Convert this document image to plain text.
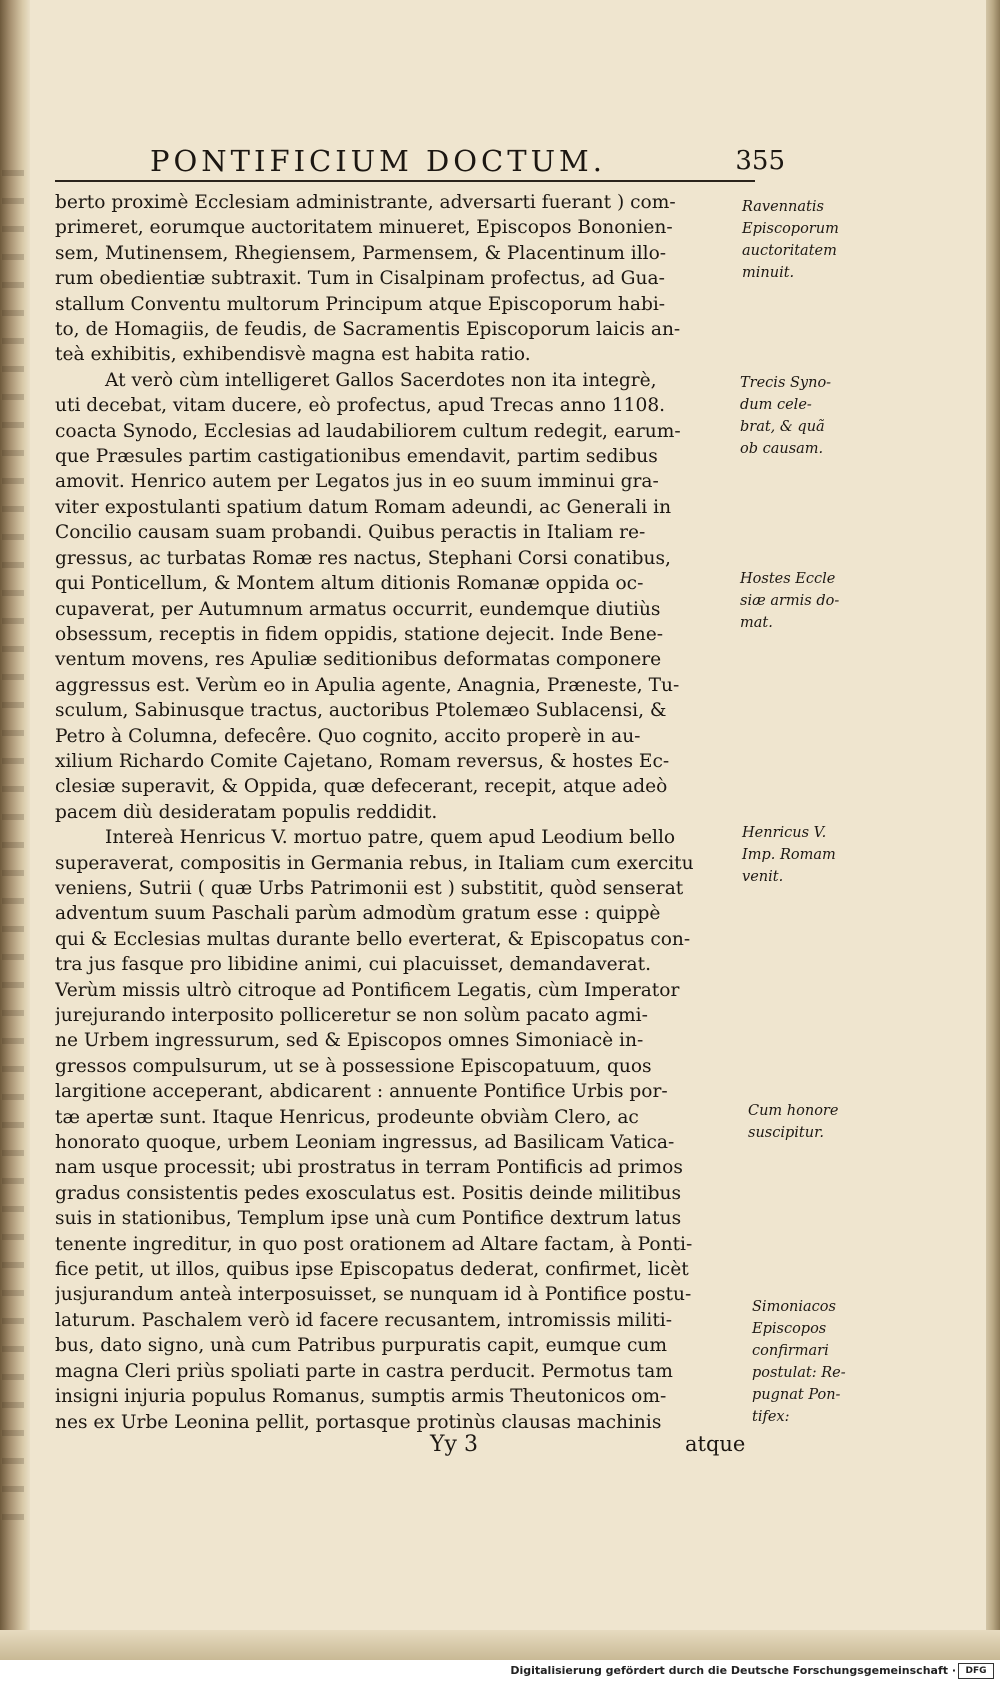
PONTIFICIUM DOCTUM.	355
berto proximè Ecclesiam administrante, adversarti fuerant ) com-
primeret, eorumque auctoritatem minueret, Episcopos Bononien-
sem, Mutinensem, Rhegiensem, Parmensem, & Placentinum illo-
rum obedientiæ subtraxit. Tum in Cisalpinam profectus, ad Gua-
stallum Conventu multorum Principum atque Episcoporum habi-
to, de Homagiis, de feudis, de Sacramentis Episcoporum laicis an-
teà exhibitis, exhibendisvè magna est habita ratio.
At verò cùm intelligeret Gallos Sacerdotes non ita integrè,
uti decebat, vitam ducere, eò profectus, apud Trecas anno 1108.
coacta Synodo, Ecclesias ad laudabiliorem cultum redegit, earum-
que Præsules partim castigationibus emendavit, partim sedibus
amovit. Henrico autem per Legatos jus in eo suum imminui gra-
viter expostulanti spatium datum Romam adeundi, ac Generali in
Concilio causam suam probandi. Quibus peractis in Italiam re-
gressus, ac turbatas Romæ res nactus, Stephani Corsi conatibus,
qui Ponticellum, & Montem altum ditionis Romanæ oppida oc-
cupaverat, per Autumnum armatus occurrit, eundemque diutiùs
obsessum, receptis in fidem oppidis, statione dejecit. Inde Bene-
ventum movens, res Apuliæ seditionibus deformatas componere
aggressus est. Verùm eo in Apulia agente, Anagnia, Præneste, Tu-
sculum, Sabinusque tractus, auctoribus Ptolemæo Sublacensi, &
Petro à Columna, defecêre. Quo cognito, accito properè in au-
xilium Richardo Comite Cajetano, Romam reversus, & hostes Ec-
clesiæ superavit, & Oppida, quæ defecerant, recepit, atque adeò
pacem diù desideratam populis reddidit.
Intereà Henricus V. mortuo patre, quem apud Leodium bello
superaverat, compositis in Germania rebus, in Italiam cum exercitu
veniens, Sutrii ( quæ Urbs Patrimonii est ) substitit, quòd senserat
adventum suum Paschali parùm admodùm gratum esse : quippè
qui & Ecclesias multas durante bello everterat, & Episcopatus con-
tra jus fasque pro libidine animi, cui placuisset, demandaverat.
Verùm missis ultrò citroque ad Pontificem Legatis, cùm Imperator
jurejurando interposito polliceretur se non solùm pacato agmi-
ne Urbem ingressurum, sed & Episcopos omnes Simoniacè in-
gressos compulsurum, ut se à possessione Episcopatuum, quos
largitione acceperant, abdicarent : annuente Pontifice Urbis por-
tæ apertæ sunt. Itaque Henricus, prodeunte obviàm Clero, ac
honorato quoque, urbem Leoniam ingressus, ad Basilicam Vatica-
nam usque processit; ubi prostratus in terram Pontificis ad primos
gradus consistentis pedes exosculatus est. Positis deinde militibus
suis in stationibus, Templum ipse unà cum Pontifice dextrum latus
tenente ingreditur, in quo post orationem ad Altare factam, à Ponti-
fice petit, ut illos, quibus ipse Episcopatus dederat, confirmet, licèt
jusjurandum anteà interposuisset, se nunquam id à Pontifice postu-
laturum. Paschalem verò id facere recusantem, intromissis militi-
bus, dato signo, unà cum Patribus purpuratis capit, eumque cum
magna Cleri priùs spoliati parte in castra perducit. Permotus tam
insigni injuria populus Romanus, sumptis armis Theutonicos om-
nes ex Urbe Leonina pellit, portasque protinùs clausas machinis
Ravennatis
Episcoporum
auctoritatem
minuit.
Trecis Syno-
dum cele-
brat, & quã
ob causam.
Hostes Eccle
siæ armis do-
mat.
Henricus V.
Imp. Romam
venit.
Cum honore
suscipitur.
Simoniacos
Episcopos
confirmari
postulat: Re-
pugnat Pon-
tifex:
Yy 3	atque
Digitalisierung gefördert durch die Deutsche Forschungsgemeinschaft ·	DFG
